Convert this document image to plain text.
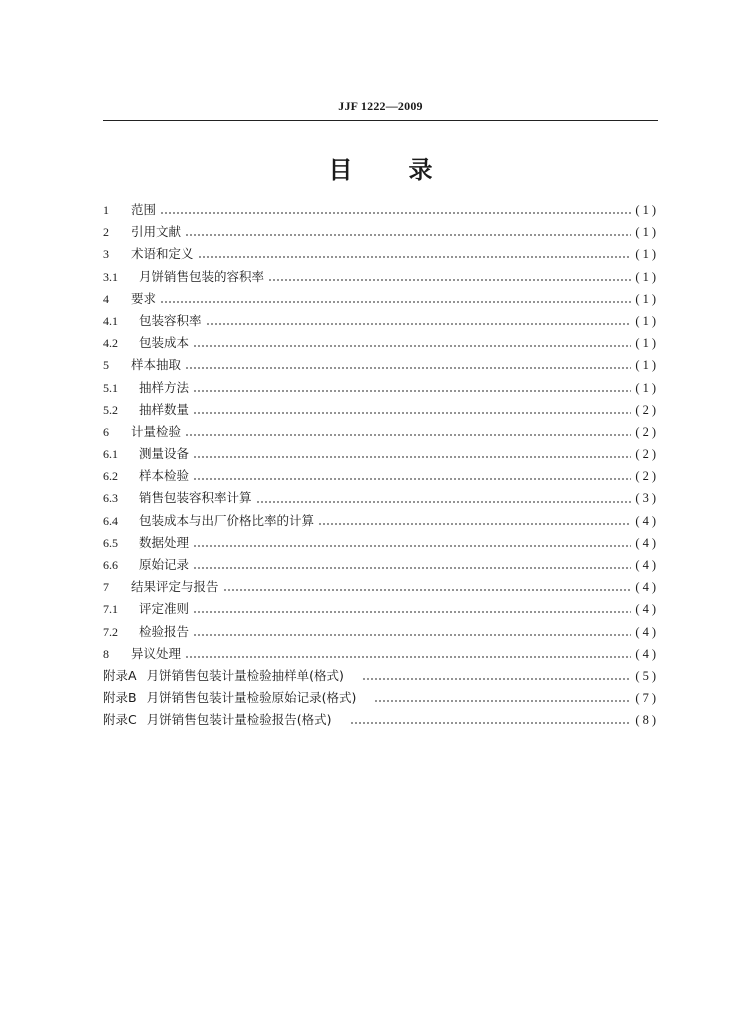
JJF 1222—2009
目 录
1	范围	(1)
2	引用文献	(1)
3	术语和定义	(1)
3.1	月饼销售包装的容积率	(1)
4	要求	(1)
4.1	包装容积率	(1)
4.2	包装成本	(1)
5	样本抽取	(1)
5.1	抽样方法	(1)
5.2	抽样数量	(2)
6	计量检验	(2)
6.1	测量设备	(2)
6.2	样本检验	(2)
6.3	销售包装容积率计算	(3)
6.4	包装成本与出厂价格比率的计算	(4)
6.5	数据处理	(4)
6.6	原始记录	(4)
7	结果评定与报告	(4)
7.1	评定准则	(4)
7.2	检验报告	(4)
8	异议处理	(4)
附录A 月饼销售包装计量检验抽样单(格式)	(5)
附录B 月饼销售包装计量检验原始记录(格式)	(7)
附录C 月饼销售包装计量检验报告(格式)	(8)
